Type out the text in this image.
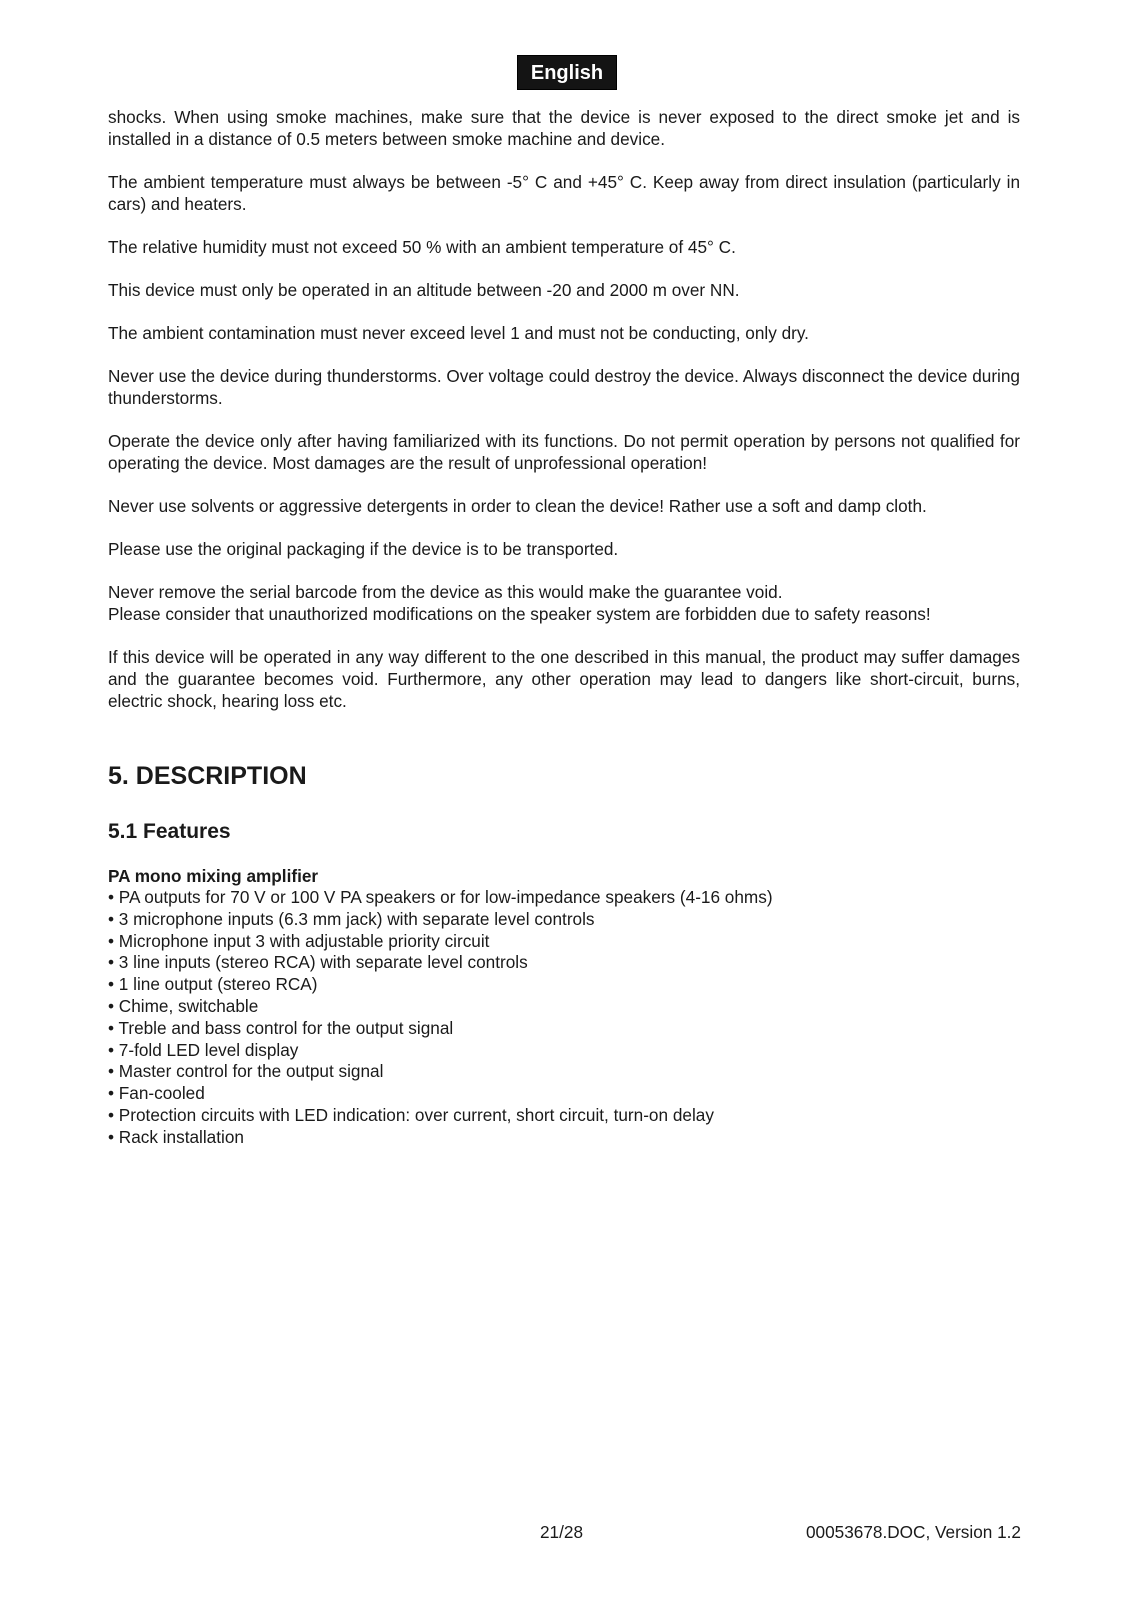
English

shocks. When using smoke machines, make sure that the device is never exposed to the direct smoke jet and is installed in a distance of 0.5 meters between smoke machine and device.

The ambient temperature must always be between -5° C and +45° C. Keep away from direct insulation (particularly in cars) and heaters.

The relative humidity must not exceed 50 % with an ambient temperature of 45° C.

This device must only be operated in an altitude between -20 and 2000 m over NN.

The ambient contamination must never exceed level 1 and must not be conducting, only dry.

Never use the device during thunderstorms. Over voltage could destroy the device. Always disconnect the device during thunderstorms.

Operate the device only after having familiarized with its functions. Do not permit operation by persons not qualified for operating the device. Most damages are the result of unprofessional operation!

Never use solvents or aggressive detergents in order to clean the device! Rather use a soft and damp cloth.

Please use the original packaging if the device is to be transported.

Never remove the serial barcode from the device as this would make the guarantee void.
Please consider that unauthorized modifications on the speaker system are forbidden due to safety reasons!

If this device will be operated in any way different to the one described in this manual, the product may suffer damages and the guarantee becomes void. Furthermore, any other operation may lead to dangers like short-circuit, burns, electric shock, hearing loss etc.

5. DESCRIPTION
5.1 Features
PA mono mixing amplifier
• PA outputs for 70 V or 100 V PA speakers or for low-impedance speakers (4-16 ohms)
• 3 microphone inputs (6.3 mm jack) with separate level controls
• Microphone input 3 with adjustable priority circuit
• 3 line inputs (stereo RCA) with separate level controls
• 1 line output (stereo RCA)
• Chime, switchable
• Treble and bass control for the output signal
• 7-fold LED level display
• Master control for the output signal
• Fan-cooled
• Protection circuits with LED indication: over current, short circuit, turn-on delay
• Rack installation
21/28	00053678.DOC, Version 1.2
